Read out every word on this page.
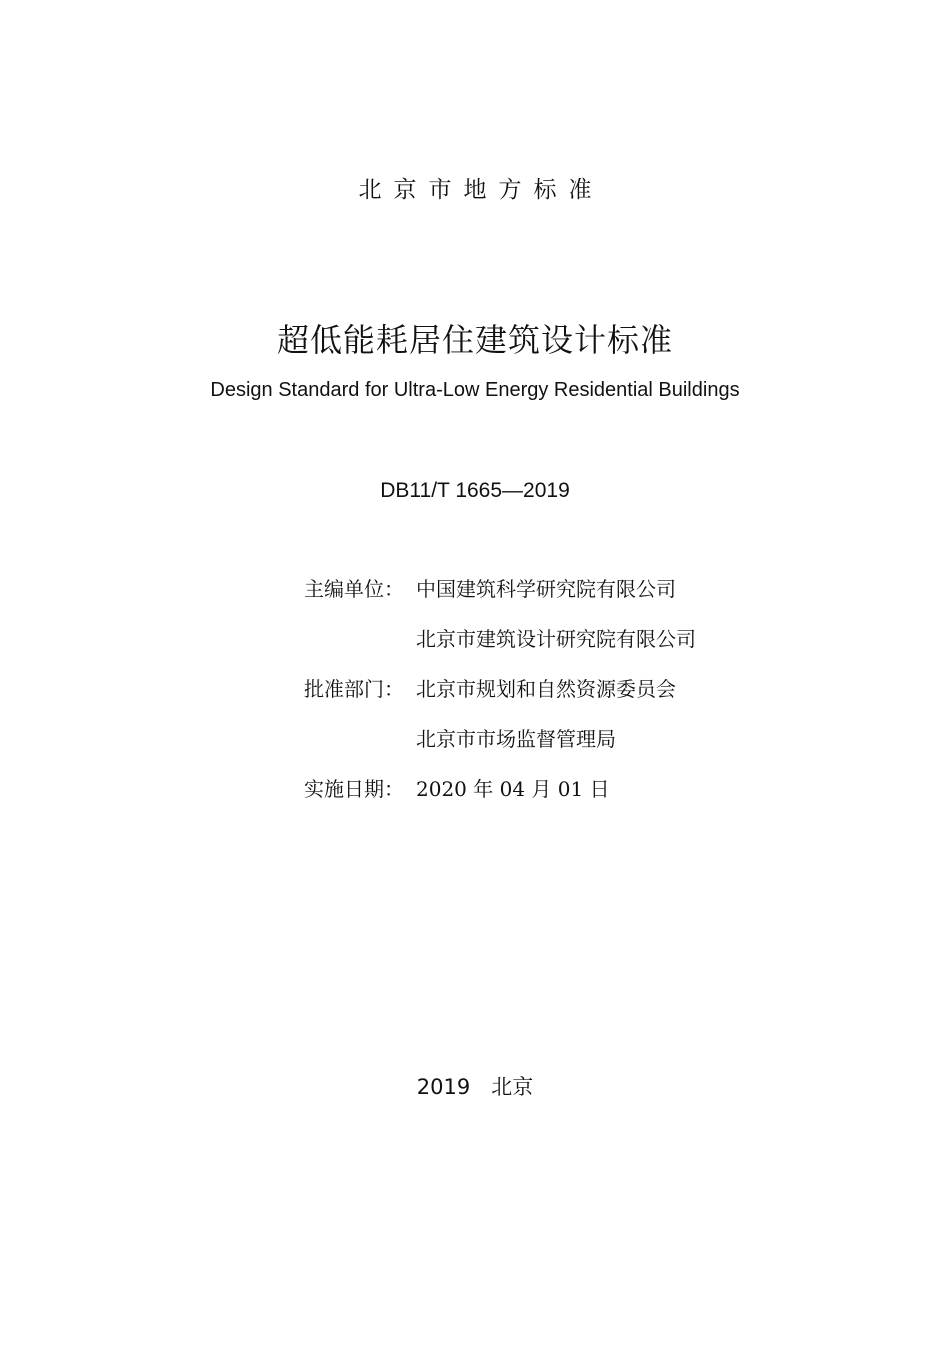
北京市地方标准
超低能耗居住建筑设计标准
Design Standard for Ultra-Low Energy Residential Buildings
DB11/T 1665—2019
主编单位： 中国建筑科学研究院有限公司
北京市建筑设计研究院有限公司
批准部门： 北京市规划和自然资源委员会
北京市市场监督管理局
实施日期： 2020 年 04 月 01 日
2019　北京
